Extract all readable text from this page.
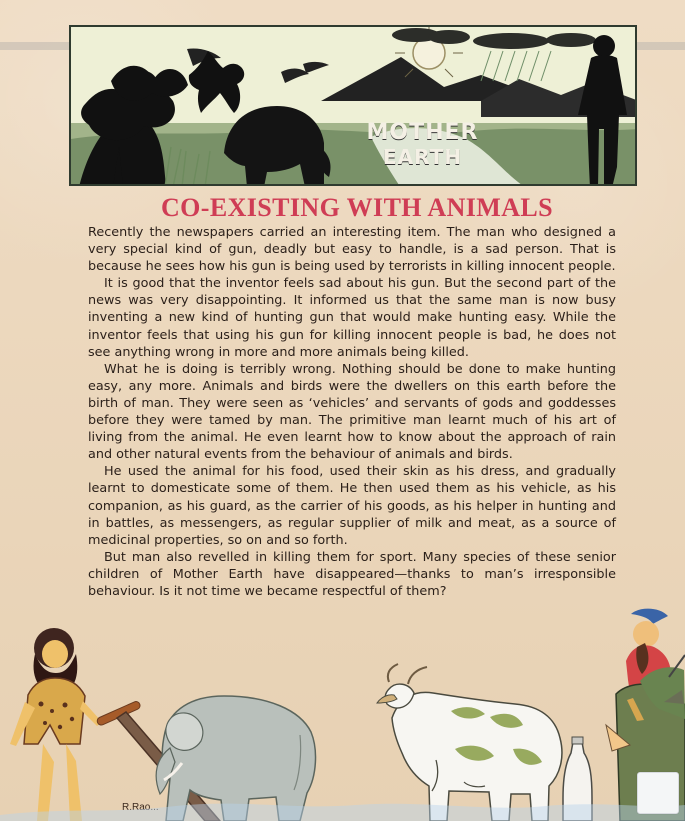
MOTHER
EARTH
CO-EXISTING WITH ANIMALS

Recently the newspapers carried an interesting item. The man who designed a very special kind of gun, deadly but easy to handle, is a sad person. That is because he sees how his gun is being used by terrorists in killing innocent people.

It is good that the inventor feels sad about his gun. But the second part of the news was very disappointing. It informed us that the same man is now busy inventing a new kind of hunting gun that would make hunting easy. While the inventor feels that using his gun for killing innocent people is bad, he does not see anything wrong in more and more animals being killed.

What he is doing is terribly wrong. Nothing should be done to make hunting easy, any more. Animals and birds were the dwellers on this earth before the birth of man. They were seen as ‘vehicles’ and servants of gods and goddesses before they were tamed by man. The primitive man learnt much of his art of living from the animal. He even learnt how to know about the approach of rain and other natural events from the behaviour of animals and birds.

He used the animal for his food, used their skin as his dress, and gradually learnt to domesticate some of them. He then used them as his vehicle, as his companion, as his guard, as the carrier of his goods, as his helper in hunting and in battles, as messengers, as regular supplier of milk and meat, as a source of medicinal properties, so on and so forth.

But man also revelled in killing them for sport. Many species of these senior children of Mother Earth have disappeared—thanks to man’s irresponsible behaviour. Is it not time we became respectful of them?

R.Rao...
